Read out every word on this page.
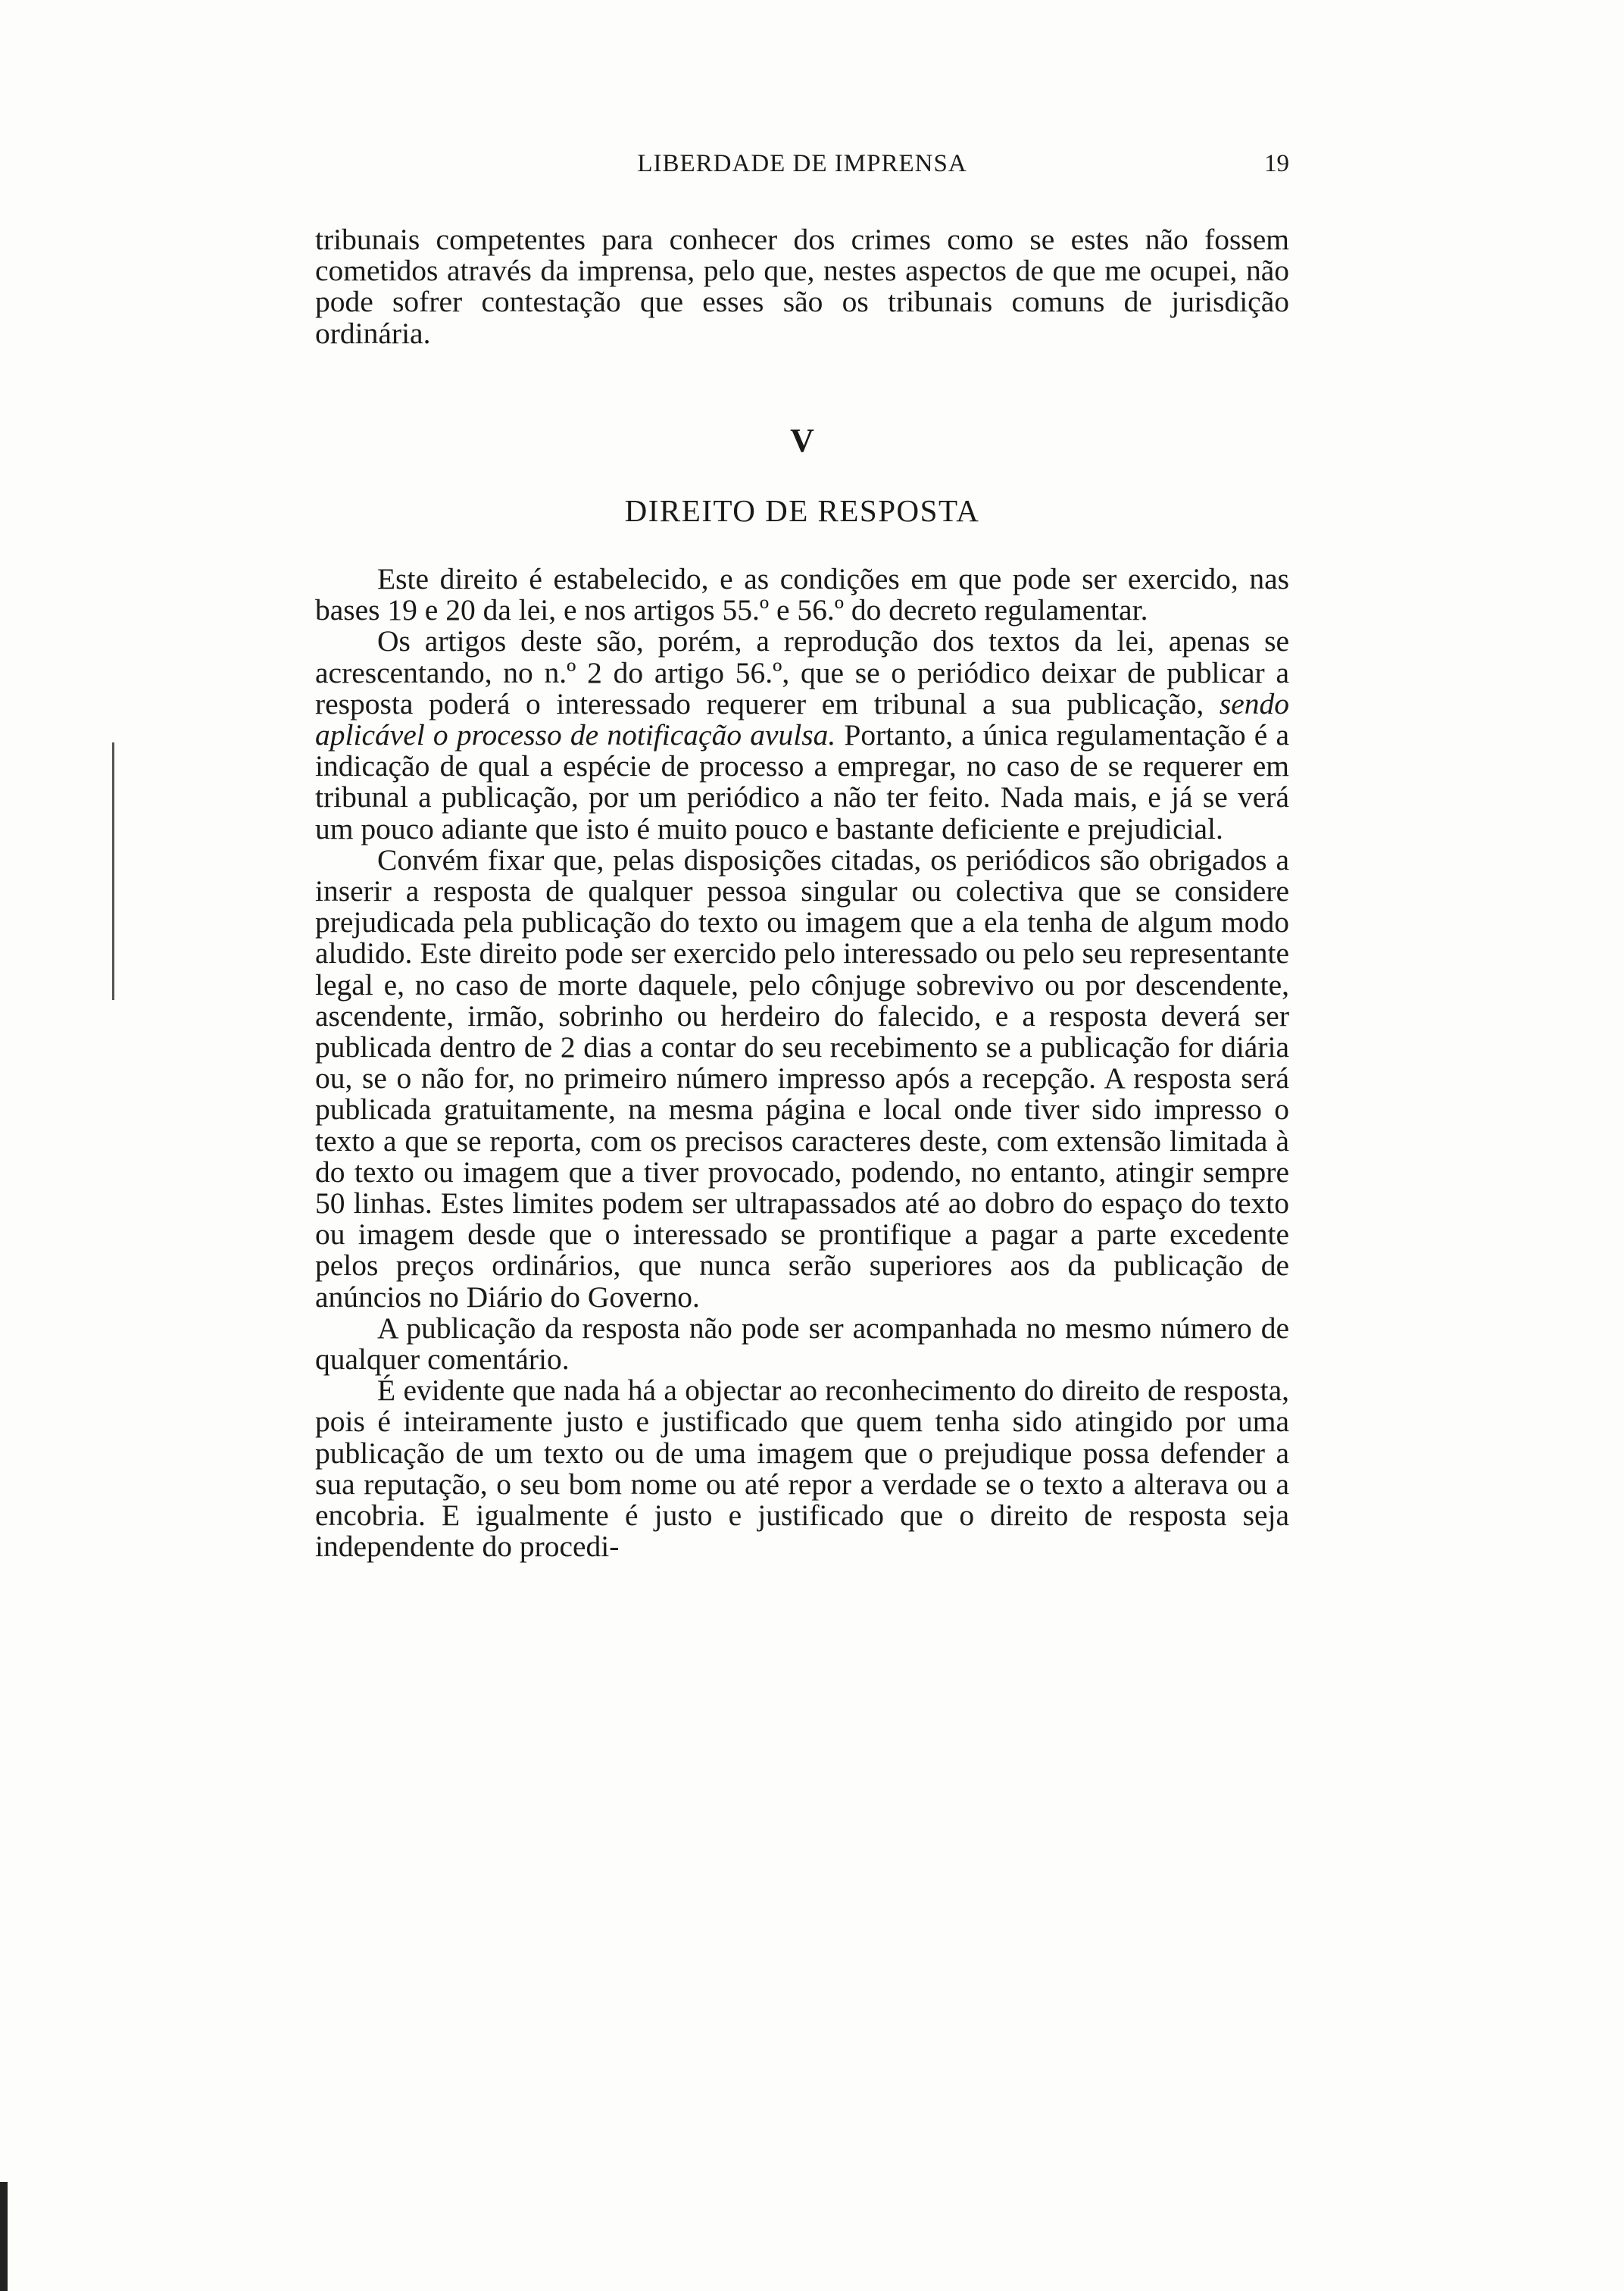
LIBERDADE DE IMPRENSA	19

tribunais competentes para conhecer dos crimes como se estes não fossem cometidos através da imprensa, pelo que, nestes aspectos de que me ocupei, não pode sofrer contestação que esses são os tribunais comuns de jurisdição ordinária.

V
DIREITO DE RESPOSTA

Este direito é estabelecido, e as condições em que pode ser exercido, nas bases 19 e 20 da lei, e nos artigos 55.º e 56.º do decreto regulamentar.

Os artigos deste são, porém, a reprodução dos textos da lei, apenas se acrescentando, no n.º 2 do artigo 56.º, que se o periódico deixar de publicar a resposta poderá o interessado requerer em tribunal a sua publicação, sendo aplicável o processo de notificação avulsa. Portanto, a única regulamentação é a indicação de qual a espécie de processo a empregar, no caso de se requerer em tribunal a publicação, por um periódico a não ter feito. Nada mais, e já se verá um pouco adiante que isto é muito pouco e bastante deficiente e prejudicial.

Convém fixar que, pelas disposições citadas, os periódicos são obrigados a inserir a resposta de qualquer pessoa singular ou colectiva que se considere prejudicada pela publicação do texto ou imagem que a ela tenha de algum modo aludido. Este direito pode ser exercido pelo interessado ou pelo seu representante legal e, no caso de morte daquele, pelo cônjuge sobrevivo ou por descendente, ascendente, irmão, sobrinho ou herdeiro do falecido, e a resposta deverá ser publicada dentro de 2 dias a contar do seu recebimento se a publicação for diária ou, se o não for, no primeiro número impresso após a recepção. A resposta será publicada gratuitamente, na mesma página e local onde tiver sido impresso o texto a que se reporta, com os precisos caracteres deste, com extensão limitada à do texto ou imagem que a tiver provocado, podendo, no entanto, atingir sempre 50 linhas. Estes limites podem ser ultrapassados até ao dobro do espaço do texto ou imagem desde que o interessado se prontifique a pagar a parte excedente pelos preços ordinários, que nunca serão superiores aos da publicação de anúncios no Diário do Governo.

A publicação da resposta não pode ser acompanhada no mesmo número de qualquer comentário.

É evidente que nada há a objectar ao reconhecimento do direito de resposta, pois é inteiramente justo e justificado que quem tenha sido atingido por uma publicação de um texto ou de uma imagem que o prejudique possa defender a sua reputação, o seu bom nome ou até repor a verdade se o texto a alterava ou a encobria. E igualmente é justo e justificado que o direito de resposta seja independente do procedi-
